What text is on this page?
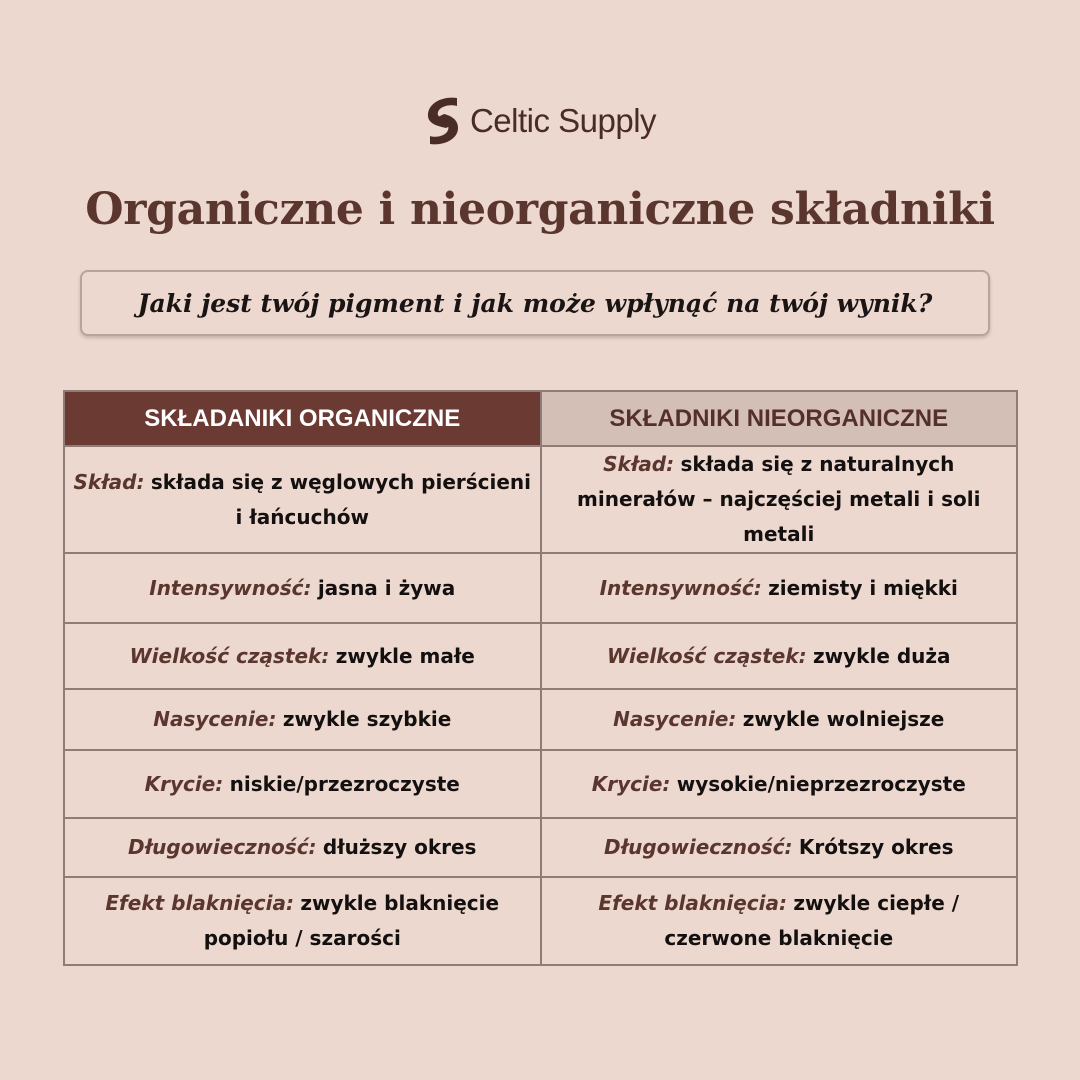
Celtic Supply
Organiczne i nieorganiczne składniki
Jaki jest twój pigment i jak może wpłynąć na twój wynik?
SKŁADANIKI ORGANICZNE	SKŁADNIKI NIEORGANICZNE
Skład: składa się z węglowych pierścieni i łańcuchów	Skład: składa się z naturalnych minerałów – najczęściej metali i soli metali
Intensywność: jasna i żywa	Intensywność: ziemisty i miękki
Wielkość cząstek: zwykle małe	Wielkość cząstek: zwykle duża
Nasycenie: zwykle szybkie	Nasycenie: zwykle wolniejsze
Krycie: niskie/przezroczyste	Krycie: wysokie/nieprzezroczyste
Długowieczność: dłuższy okres	Długowieczność: Krótszy okres
Efekt blaknięcia: zwykle blaknięcie popiołu / szarości	Efekt blaknięcia: zwykle ciepłe / czerwone blaknięcie
